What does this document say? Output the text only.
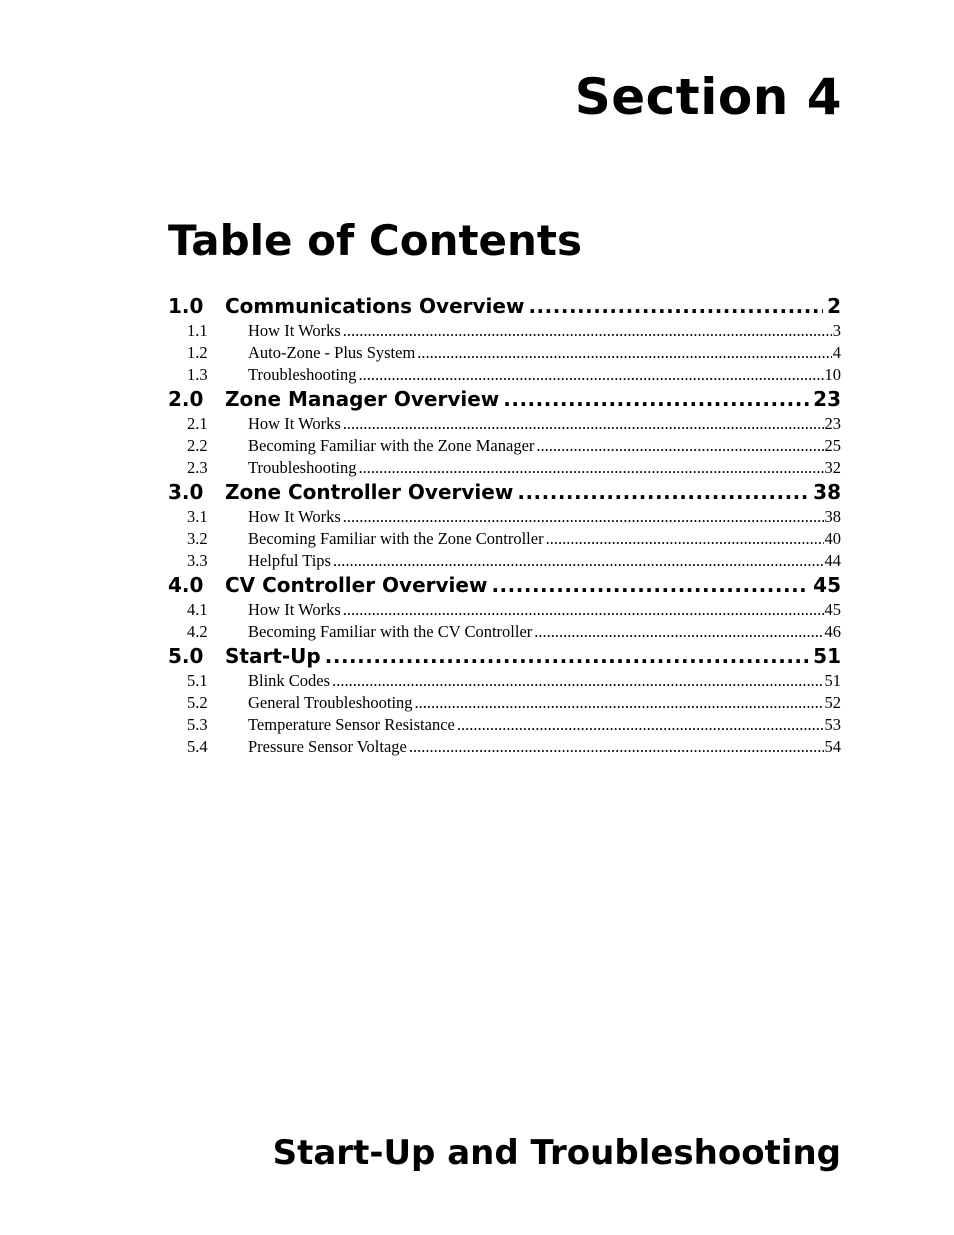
Section 4
Table of Contents
1.0	Communications Overview .....	2
1.1	How It Works .....	3
1.2	Auto-Zone - Plus System .....	4
1.3	Troubleshooting .....	10
2.0	Zone Manager Overview .....	23
2.1	How It Works .....	23
2.2	Becoming Familiar with the Zone Manager .....	25
2.3	Troubleshooting .....	32
3.0	Zone Controller Overview .....	38
3.1	How It Works .....	38
3.2	Becoming Familiar with the Zone Controller .....	40
3.3	Helpful Tips .....	44
4.0	CV Controller Overview .....	45
4.1	How It Works .....	45
4.2	Becoming Familiar with the CV Controller .....	46
5.0	Start-Up .....	51
5.1	Blink Codes .....	51
5.2	General Troubleshooting .....	52
5.3	Temperature Sensor Resistance .....	53
5.4	Pressure Sensor Voltage .....	54
Start-Up and Troubleshooting
